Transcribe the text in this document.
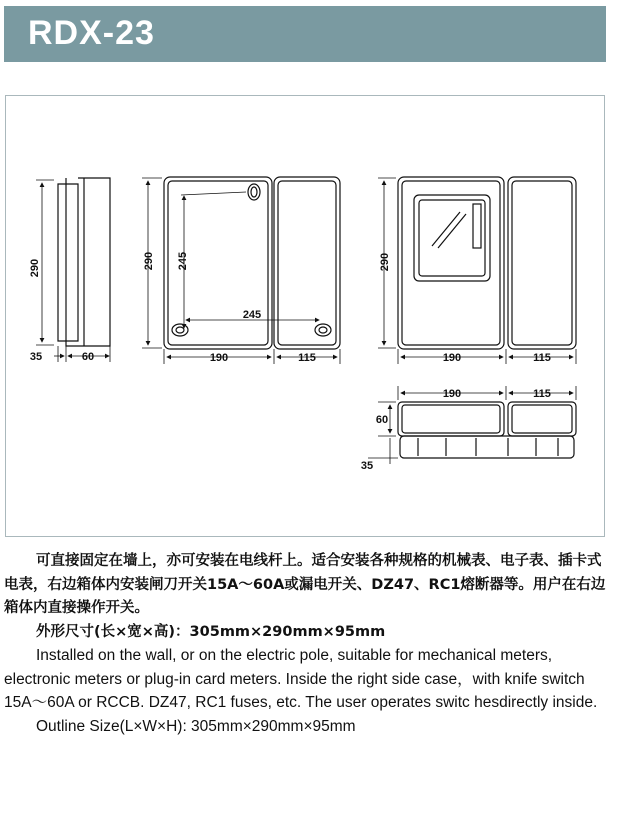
RDX-23
290
35	60
290 245
245
190	115
290
190	115
190	115
60
35

可直接固定在墙上，亦可安装在电线杆上。适合安装各种规格的机械表、电子表、插卡式电表，右边箱体内安装闸刀开关15A～60A或漏电开关、DZ47、RC1熔断器等。用户在右边箱体内直接操作开关。

外形尺寸(长×宽×高)：305mm×290mm×95mm

Installed on the wall, or on the electric pole, suitable for mechanical meters, electronic meters or plug-in card meters. Inside the right side case，with knife switch 15A～60A or RCCB. DZ47, RC1 fuses, etc. The user operates switc hesdirectly inside.

Outline Size(L×W×H): 305mm×290mm×95mm
